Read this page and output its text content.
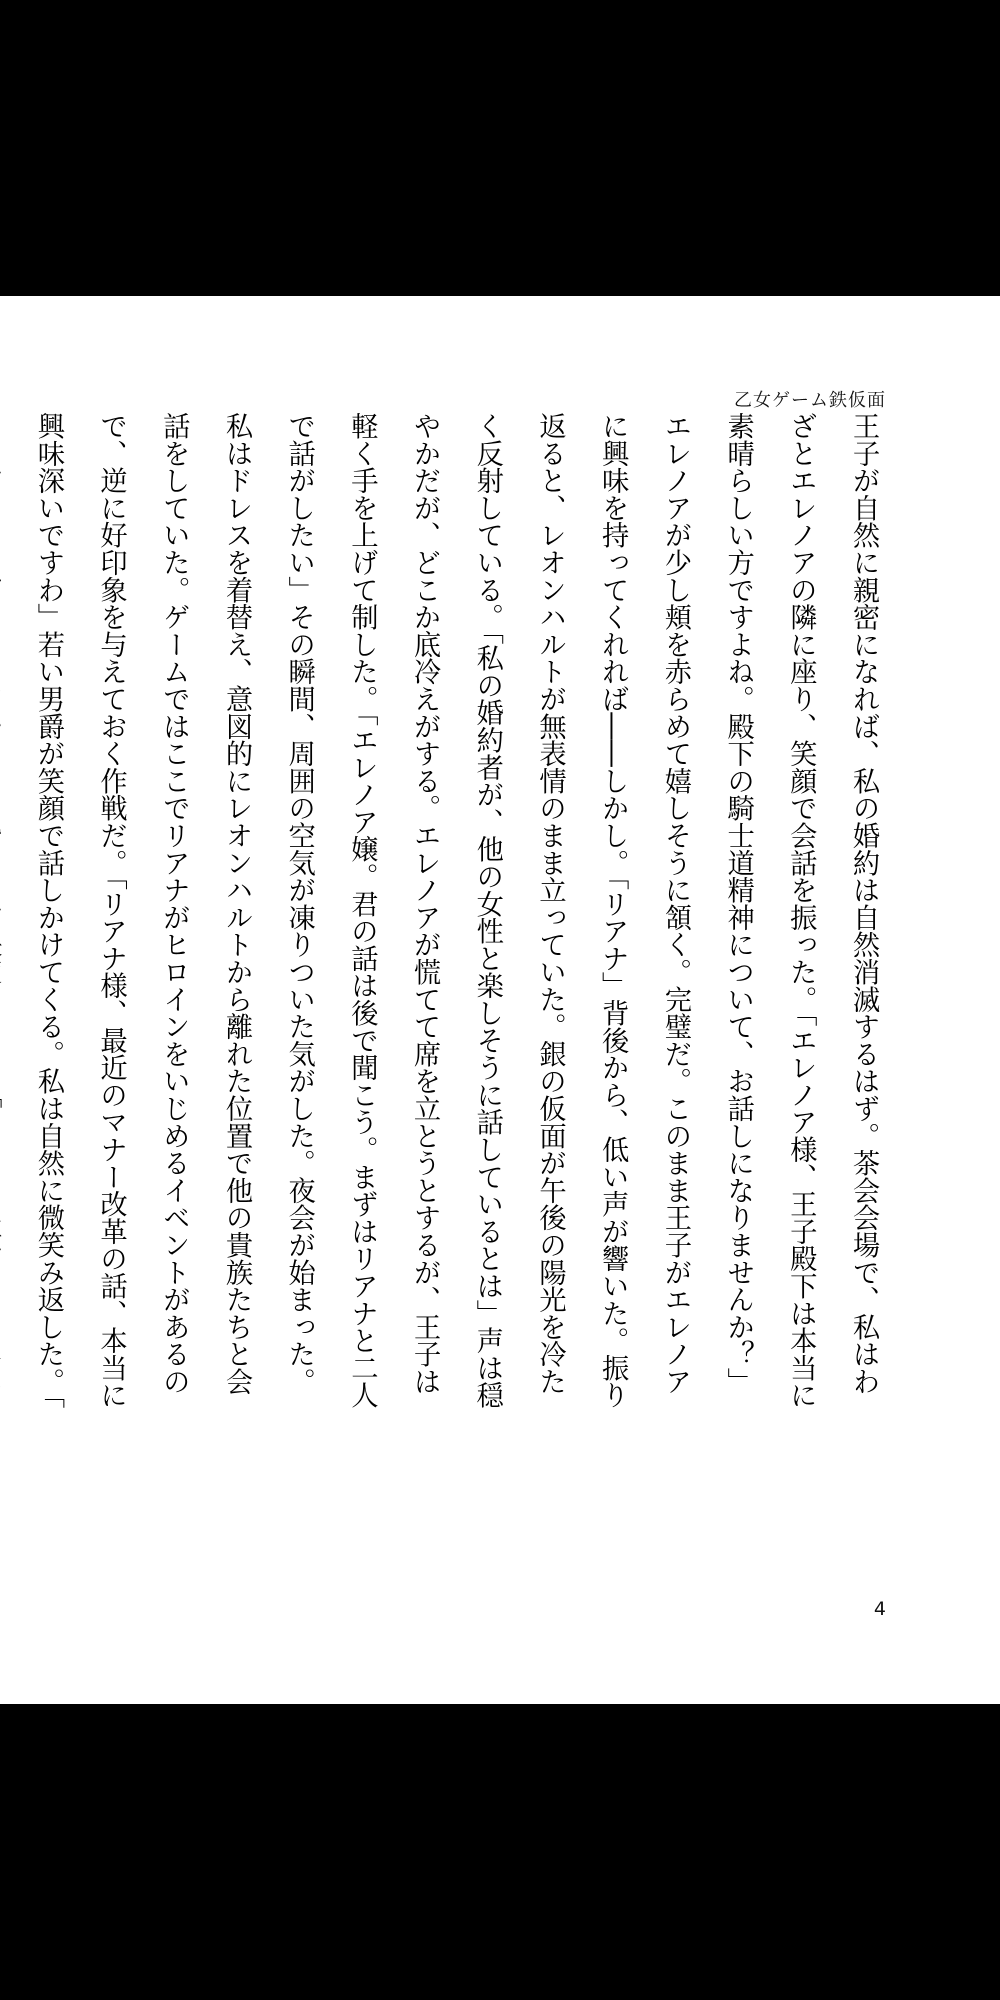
乙女ゲーム鉄仮面

王子が自然に親密になれば、私の婚約は自然消滅するはず。茶会会場で、私はわざとエレノアの隣に座り、笑顔で会話を振った。「エレノア様、王子殿下は本当に素晴らしい方ですよね。殿下の騎士道精神について、お話しになりませんか？」エレノアが少し頬を赤らめて嬉しそうに頷く。完璧だ。このまま王子がエレノアに興味を持ってくれれば――しかし。「リアナ」背後から、低い声が響いた。振り返ると、レオンハルトが無表情のまま立っていた。銀の仮面が午後の陽光を冷たく反射している。「私の婚約者が、他の女性と楽しそうに話しているとは」声は穏やかだが、どこか底冷えがする。エレノアが慌てて席を立とうとするが、王子は軽く手を上げて制した。「エレノア嬢。君の話は後で聞こう。まずはリアナと二人で話がしたい」その瞬間、周囲の空気が凍りついた気がした。夜会が始まった。私はドレスを着替え、意図的にレオンハルトから離れた位置で他の貴族たちと会話をしていた。ゲームではここでリアナがヒロインをいじめるイベントがあるので、逆に好印象を与えておく作戦だ。「リアナ様、最近のマナー改革の話、本当に興味深いですわ」若い男爵が笑顔で話しかけてくる。私は自然に微笑み返した。「

4
